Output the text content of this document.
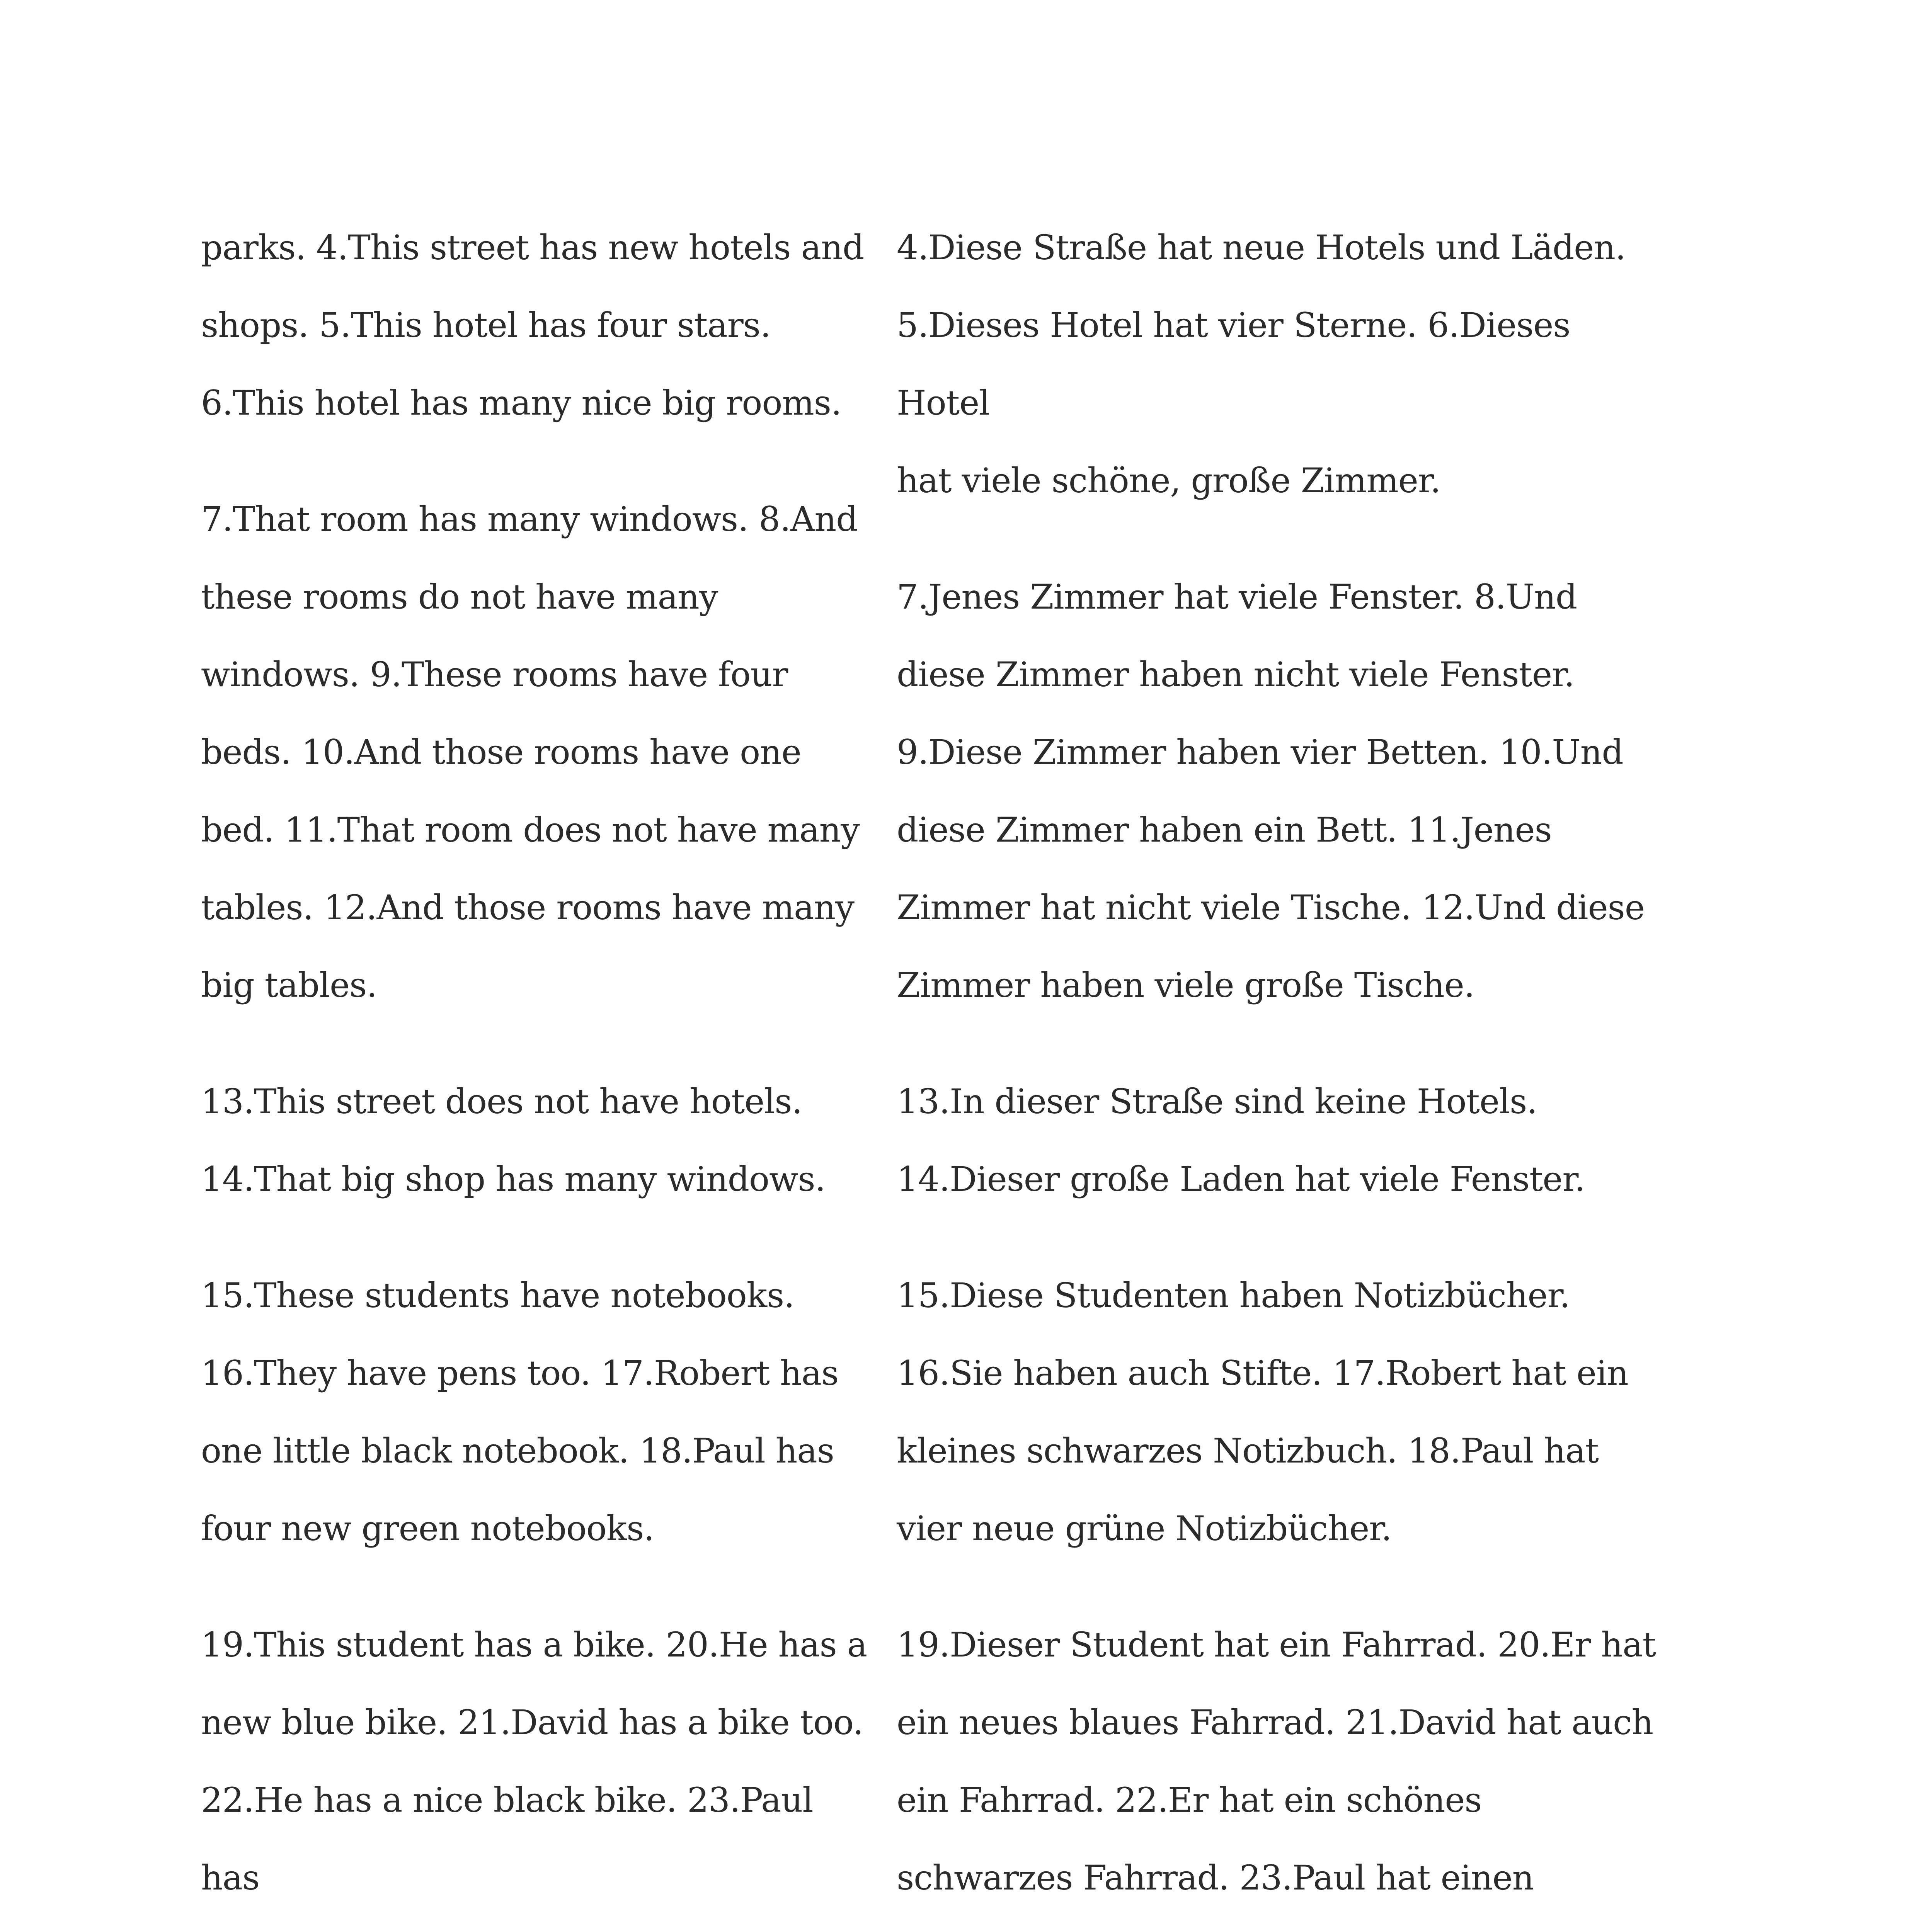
parks. 4.This street has new hotels and
shops. 5.This hotel has four stars.
6.This hotel has many nice big rooms.

7.That room has many windows. 8.And
these rooms do not have many
windows. 9.These rooms have four
beds. 10.And those rooms have one
bed. 11.That room does not have many
tables. 12.And those rooms have many
big tables.

13.This street does not have hotels.
14.That big shop has many windows.

15.These students have notebooks.
16.They have pens too. 17.Robert has
one little black notebook. 18.Paul has
four new green notebooks.

19.This student has a bike. 20.He has a
new blue bike. 21.David has a bike too.
22.He has a nice black bike. 23.Paul has

4.Diese Straße hat neue Hotels und Läden.
5.Dieses Hotel hat vier Sterne. 6.Dieses Hotel
hat viele schöne, große Zimmer.

7.Jenes Zimmer hat viele Fenster. 8.Und
diese Zimmer haben nicht viele Fenster.
9.Diese Zimmer haben vier Betten. 10.Und
diese Zimmer haben ein Bett. 11.Jenes
Zimmer hat nicht viele Tische. 12.Und diese
Zimmer haben viele große Tische.

13.In dieser Straße sind keine Hotels.
14.Dieser große Laden hat viele Fenster.

15.Diese Studenten haben Notizbücher.
16.Sie haben auch Stifte. 17.Robert hat ein
kleines schwarzes Notizbuch. 18.Paul hat
vier neue grüne Notizbücher.

19.Dieser Student hat ein Fahrrad. 20.Er hat
ein neues blaues Fahrrad. 21.David hat auch
ein Fahrrad. 22.Er hat ein schönes
schwarzes Fahrrad. 23.Paul hat einen
